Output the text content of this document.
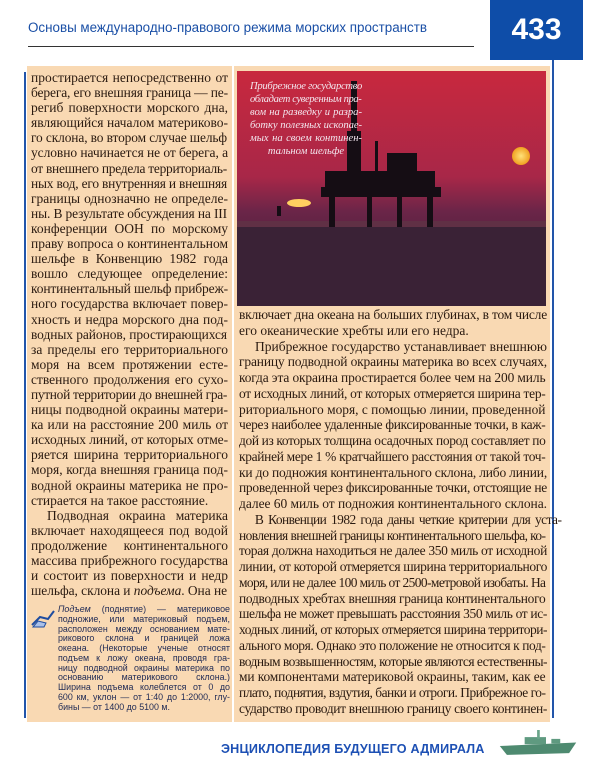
Основы международно-правового режима морских пространств	433
Прибрежное государство
обладает суверенным пра-
вом на разведку и разра-
ботку полезных ископае-
мых на своем континен-
тальном шельфе
простирается непосредственно от
берега, его внешняя граница — пе-
региб поверхности морского дна,
являющийся началом материково-
го склона, во втором случае шельф
условно начинается не от берега, а
от внешнего предела территориаль-
ных вод, его внутренняя и внешняя
границы однозначно не определе-
ны. В результате обсуждения на III
конференции ООН по морскому
праву вопроса о континентальном
шельфе в Конвенцию 1982 года
вошло следующее определение:
континентальный шельф прибреж-
ного государства включает повер-
хность и недра морского дна под-
водных районов, простирающихся
за пределы его территориального
моря на всем протяжении есте-
ственного продолжения его сухо-
путной территории до внешней гра-
ницы подводной окраины матери-
ка или на расстояние 200 миль от
исходных линий, от которых отме-
ряется ширина территориального
моря, когда внешняя граница под-
водной окраины материка не про-
стирается на такое расстояние.
Подводная окраина материка
включает находящееся под водой
продолжение континентального
массива прибрежного государства
и состоит из поверхности и недр
шельфа, склона и подъема. Она не
включает дна океана на больших глубинах, в том числе
его океанические хребты или его недра.
Прибрежное государство устанавливает внешнюю
границу подводной окраины материка во всех случаях,
когда эта окраина простирается более чем на 200 миль
от исходных линий, от которых отмеряется ширина тер-
риториального моря, с помощью линии, проведенной
через наиболее удаленные фиксированные точки, в каж-
дой из которых толщина осадочных пород составляет по
крайней мере 1 % кратчайшего расстояния от такой точ-
ки до подножия континентального склона, либо линии,
проведенной через фиксированные точки, отстоящие не
далее 60 миль от подножия континентального склона.
В Конвенции 1982 года даны четкие критерии для уста-
новления внешней границы континентального шельфа, ко-
торая должна находиться не далее 350 миль от исходной
линии, от которой отмеряется ширина территориального
моря, или не далее 100 миль от 2500-метровой изобаты. На
подводных хребтах внешняя граница континентального
шельфа не может превышать расстояния 350 миль от ис-
ходных линий, от которых отмеряется ширина территори-
ального моря. Однако это положение не относится к под-
водным возвышенностям, которые являются естественны-
ми компонентами материковой окраины, таким, как ее
плато, поднятия, вздутия, банки и отроги. Прибрежное го-
сударство проводит внешнюю границу своего континен-
Подъем (поднятие) — материковое
подножие, или материковый подъем,
расположен между основанием мате-
рикового склона и границей ложа
океана. (Некоторые ученые относят
подъем к ложу океана, проводя гра-
ницу подводной окраины материка по
основанию материкового склона.)
Ширина подъема колеблется от 0 до
600 км, уклон — от 1:40 до 1:2000, глу-
бины — от 1400 до 5100 м.
ЭНЦИКЛОПЕДИЯ БУДУЩЕГО АДМИРАЛА
